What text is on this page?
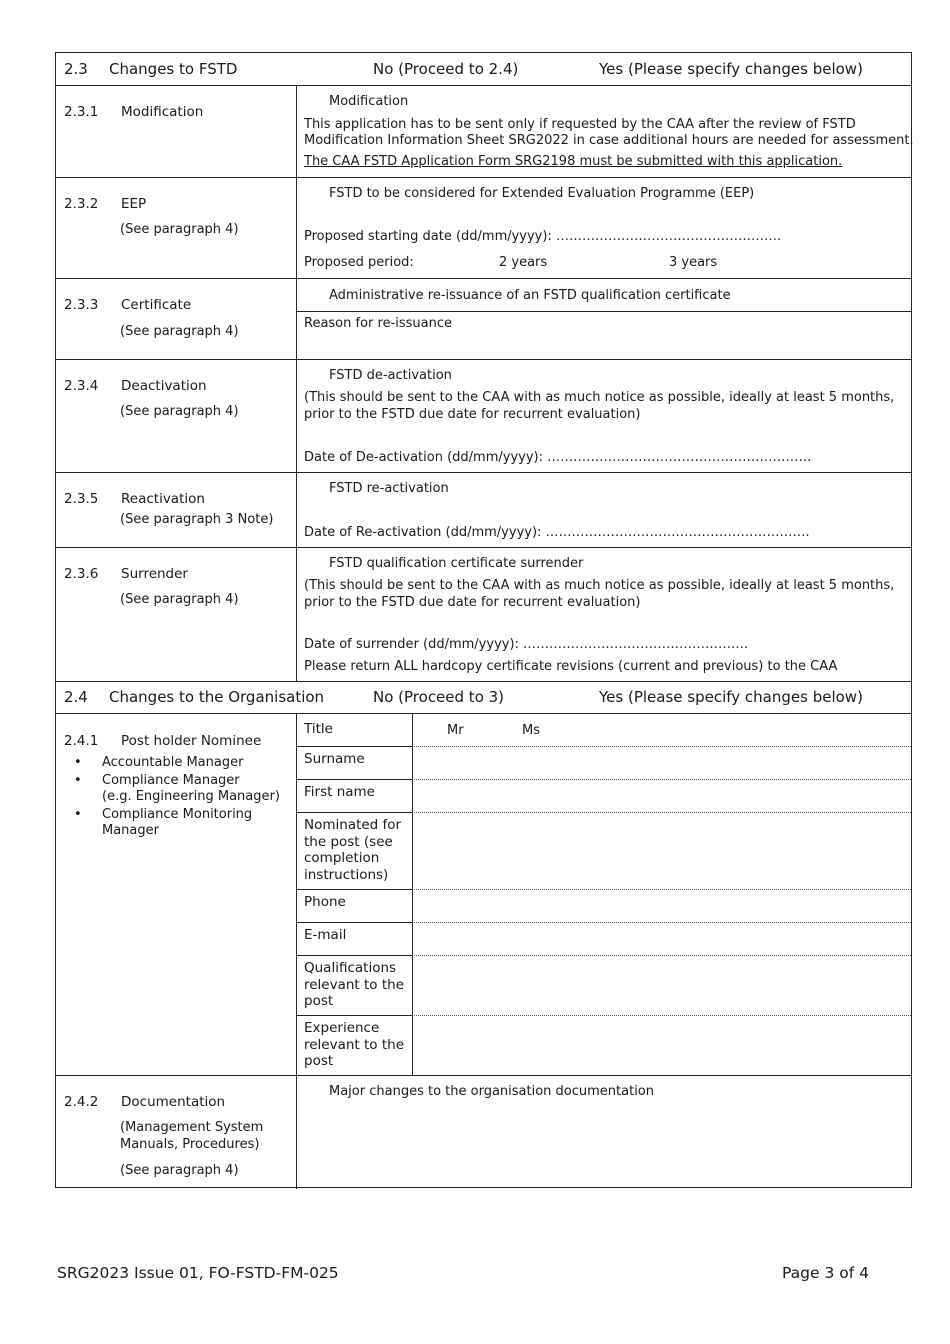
2.3 Changes to FSTD	No (Proceed to 2.4)	Yes (Please specify changes below)
2.3.1 Modification
Modification
This application has to be sent only if requested by the CAA after the review of FSTD
Modification Information Sheet SRG2022 in case additional hours are needed for assessment.
The CAA FSTD Application Form SRG2198 must be submitted with this application.
2.3.2 EEP
(See paragraph 4)
FSTD to be considered for Extended Evaluation Programme (EEP)
Proposed starting date (dd/mm/yyyy): …………………………………………….
Proposed period:	2 years	3 years
2.3.3 Certificate
(See paragraph 4)
Administrative re-issuance of an FSTD qualification certificate
Reason for re-issuance
2.3.4 Deactivation
(See paragraph 4)
FSTD de-activation
(This should be sent to the CAA with as much notice as possible, ideally at least 5 months,
prior to the FSTD due date for recurrent evaluation)
Date of De-activation (dd/mm/yyyy): …………………………………………………….
2.3.5 Reactivation
(See paragraph 3 Note)
FSTD re-activation
Date of Re-activation (dd/mm/yyyy): …………………………………………………….
2.3.6 Surrender
(See paragraph 4)
FSTD qualification certificate surrender
(This should be sent to the CAA with as much notice as possible, ideally at least 5 months,
prior to the FSTD due date for recurrent evaluation)
Date of surrender (dd/mm/yyyy): …………………………………………….
Please return ALL hardcopy certificate revisions (current and previous) to the CAA
2.4 Changes to the Organisation	No (Proceed to 3)	Yes (Please specify changes below)
2.4.1 Post holder Nominee
• Accountable Manager
• Compliance Manager
(e.g. Engineering Manager)
• Compliance Monitoring
Manager
Title	Mr	Ms
Surname
First name
Nominated for the post (see completion instructions)
Phone
E-mail
Qualifications relevant to the post
Experience relevant to the post
2.4.2 Documentation
(Management System Manuals, Procedures)
(See paragraph 4)
Major changes to the organisation documentation
SRG2023 Issue 01, FO-FSTD-FM-025	Page 3 of 4
